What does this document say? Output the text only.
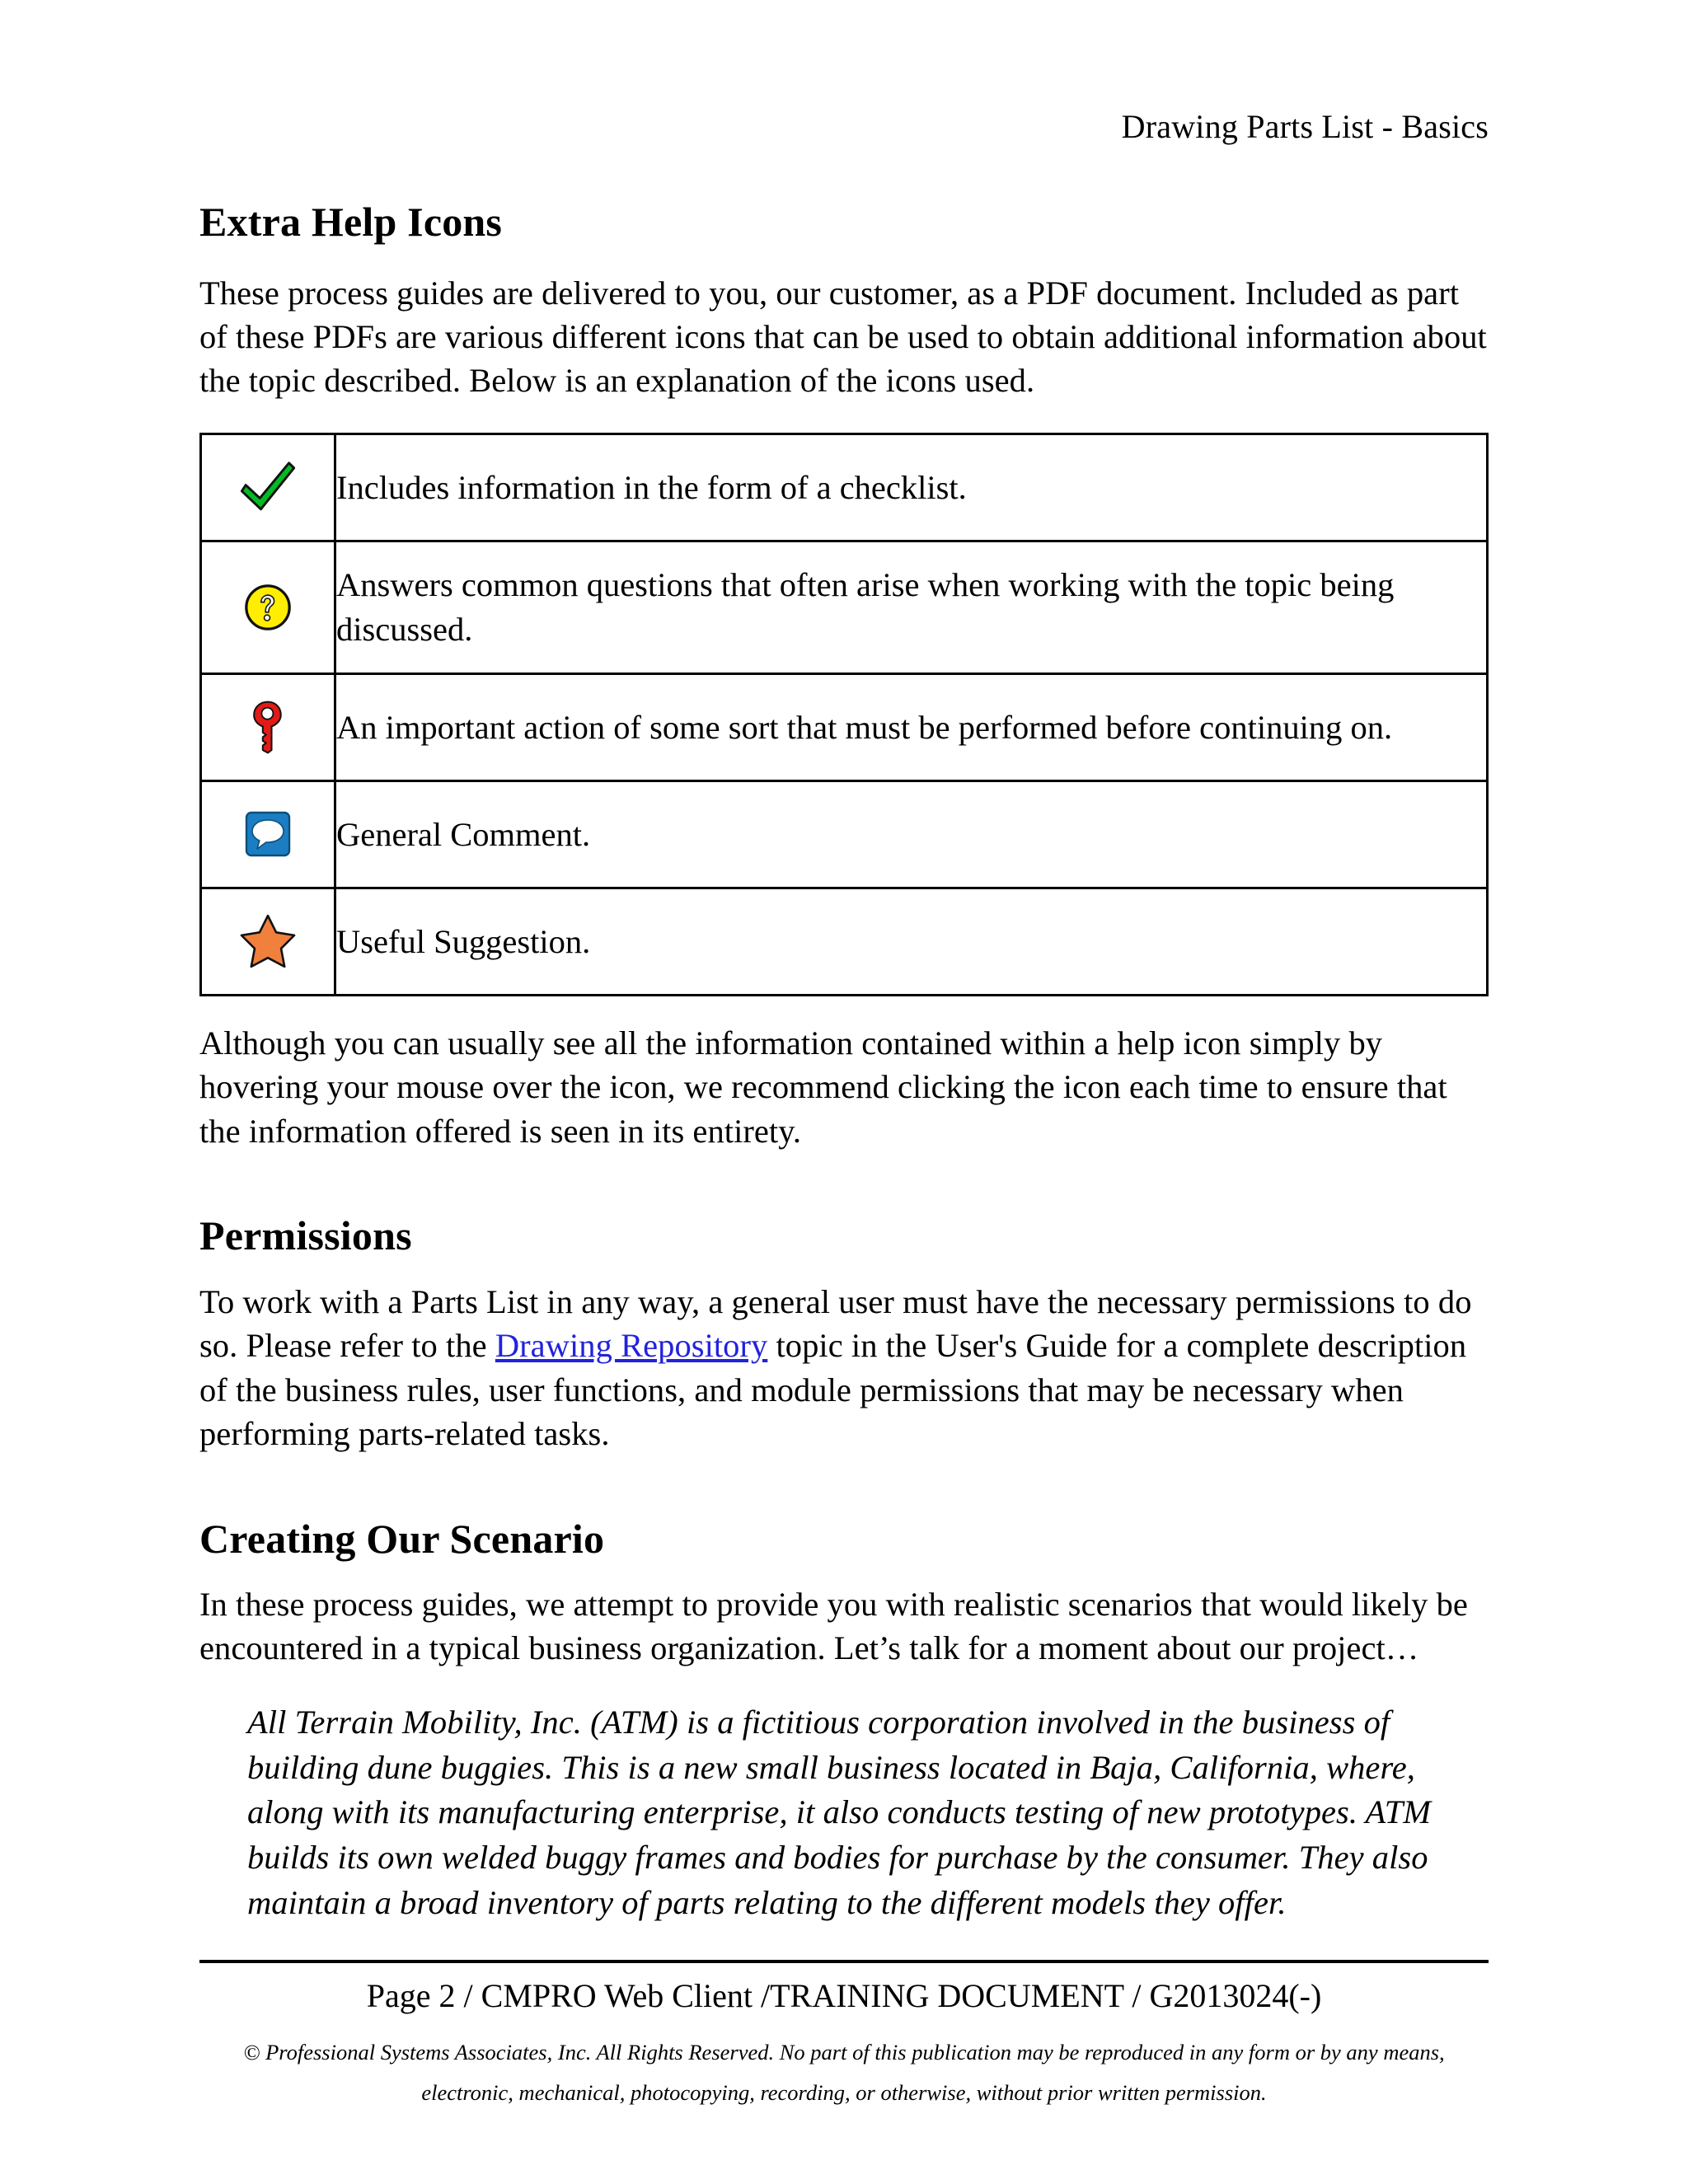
Drawing Parts List - Basics
Extra Help Icons

These process guides are delivered to you, our customer, as a PDF document. Included as part of these PDFs are various different icons that can be used to obtain additional information about the topic described. Below is an explanation of the icons used.

	Includes information in the form of a checklist.

	Answers common questions that often arise when working with the topic being discussed.

	An important action of some sort that must be performed before continuing on.

	General Comment.

	Useful Suggestion.

Although you can usually see all the information contained within a help icon simply by hovering your mouse over the icon, we recommend clicking the icon each time to ensure that the information offered is seen in its entirety.

Permissions

To work with a Parts List in any way, a general user must have the necessary permissions to do so. Please refer to the Drawing Repository topic in the User's Guide for a complete description of the business rules, user functions, and module permissions that may be necessary when performing parts-related tasks.

Creating Our Scenario

In these process guides, we attempt to provide you with realistic scenarios that would likely be encountered in a typical business organization. Let’s talk for a moment about our project…

All Terrain Mobility, Inc. (ATM) is a fictitious corporation involved in the business of building dune buggies. This is a new small business located in Baja, California, where, along with its manufacturing enterprise, it also conducts testing of new prototypes. ATM builds its own welded buggy frames and bodies for purchase by the consumer. They also maintain a broad inventory of parts relating to the different models they offer.

Page 2 / CMPRO Web Client /TRAINING DOCUMENT / G2013024(-)
© Professional Systems Associates, Inc. All Rights Reserved. No part of this publication may be reproduced in any form or by any means,
electronic, mechanical, photocopying, recording, or otherwise, without prior written permission.
